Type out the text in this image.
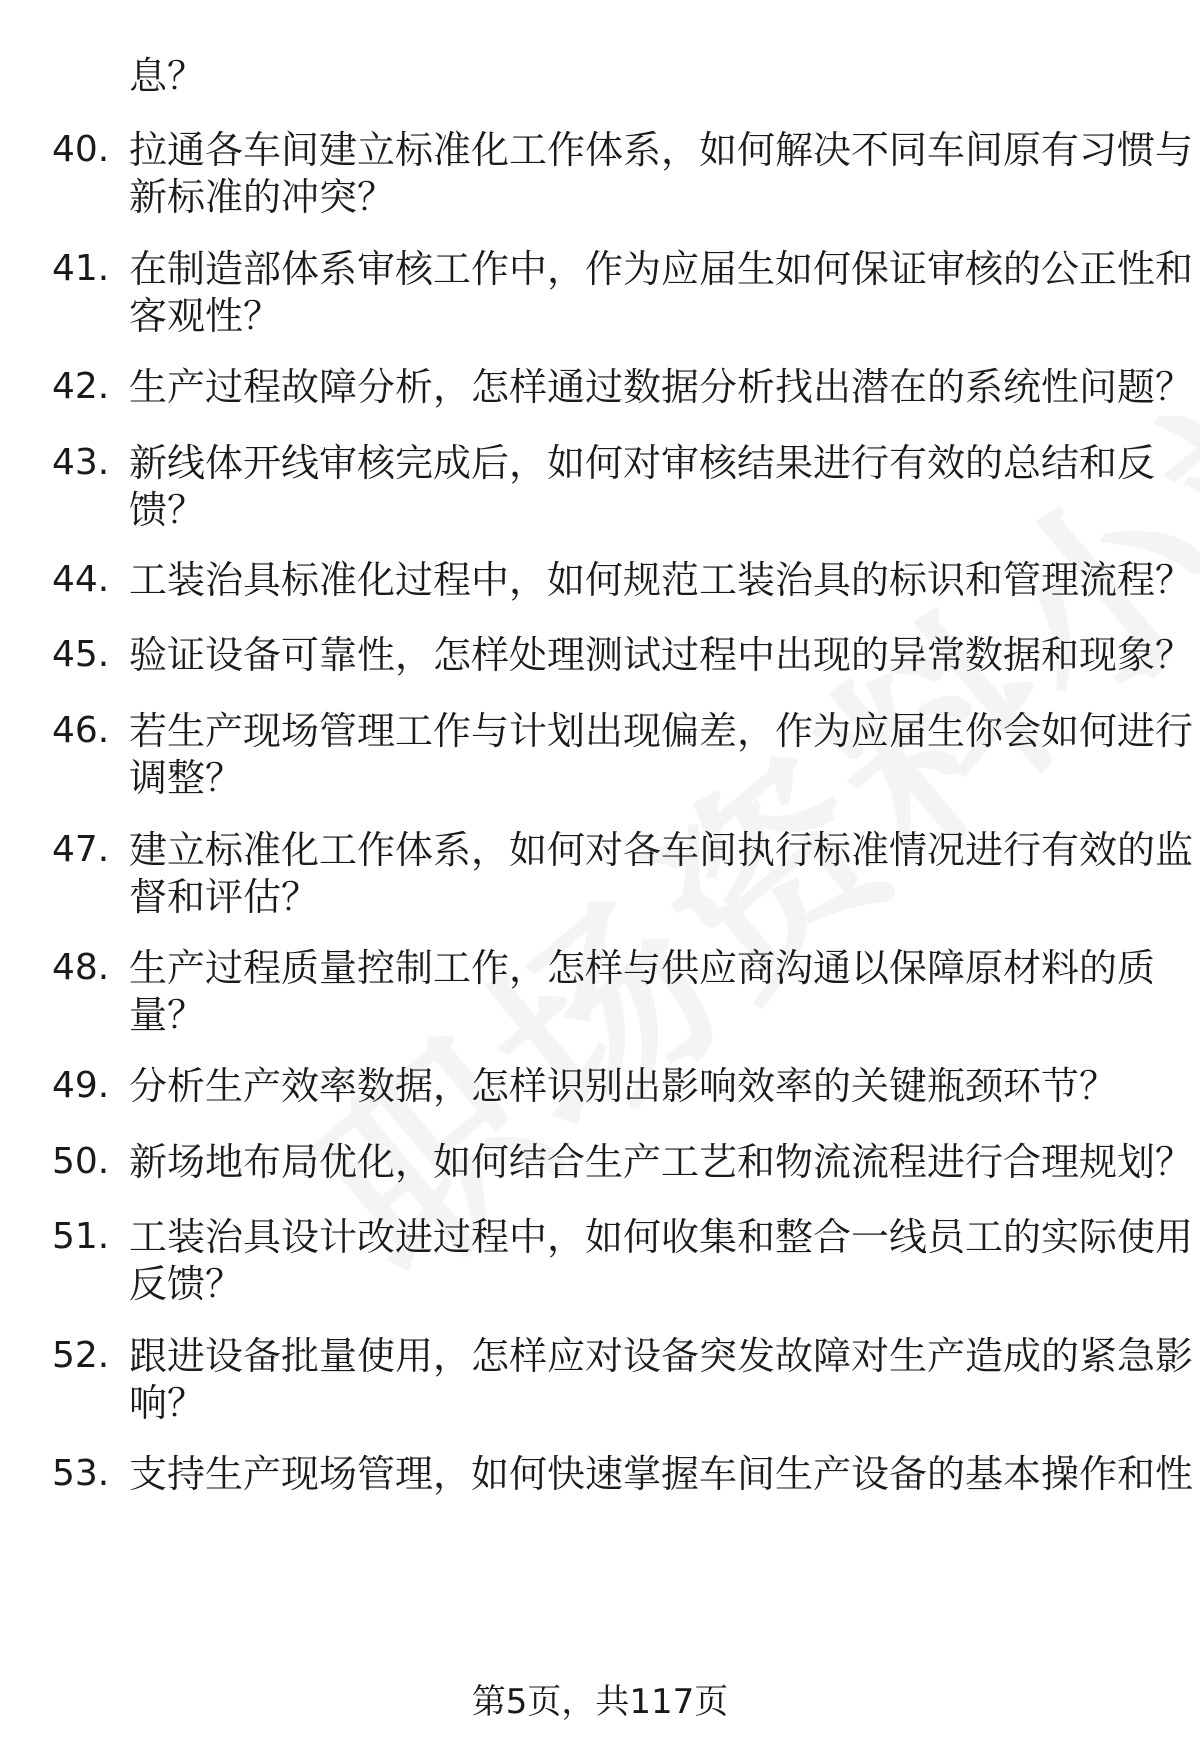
息？
40. 拉通各车间建立标准化工作体系，如何解决不同车间原有习惯与
新标准的冲突？
41. 在制造部体系审核工作中，作为应届生如何保证审核的公正性和
客观性？
42. 生产过程故障分析，怎样通过数据分析找出潜在的系统性问题？
43. 新线体开线审核完成后，如何对审核结果进行有效的总结和反
馈？
44. 工装治具标准化过程中，如何规范工装治具的标识和管理流程？
45. 验证设备可靠性，怎样处理测试过程中出现的异常数据和现象？
46. 若生产现场管理工作与计划出现偏差，作为应届生你会如何进行
调整？
47. 建立标准化工作体系，如何对各车间执行标准情况进行有效的监
督和评估？
48. 生产过程质量控制工作，怎样与供应商沟通以保障原材料的质
量？
49. 分析生产效率数据，怎样识别出影响效率的关键瓶颈环节？
50. 新场地布局优化，如何结合生产工艺和物流流程进行合理规划？
51. 工装治具设计改进过程中，如何收集和整合一线员工的实际使用
反馈？
52. 跟进设备批量使用，怎样应对设备突发故障对生产造成的紧急影
响？
53. 支持生产现场管理，如何快速掌握车间生产设备的基本操作和性
第5页，共117页
